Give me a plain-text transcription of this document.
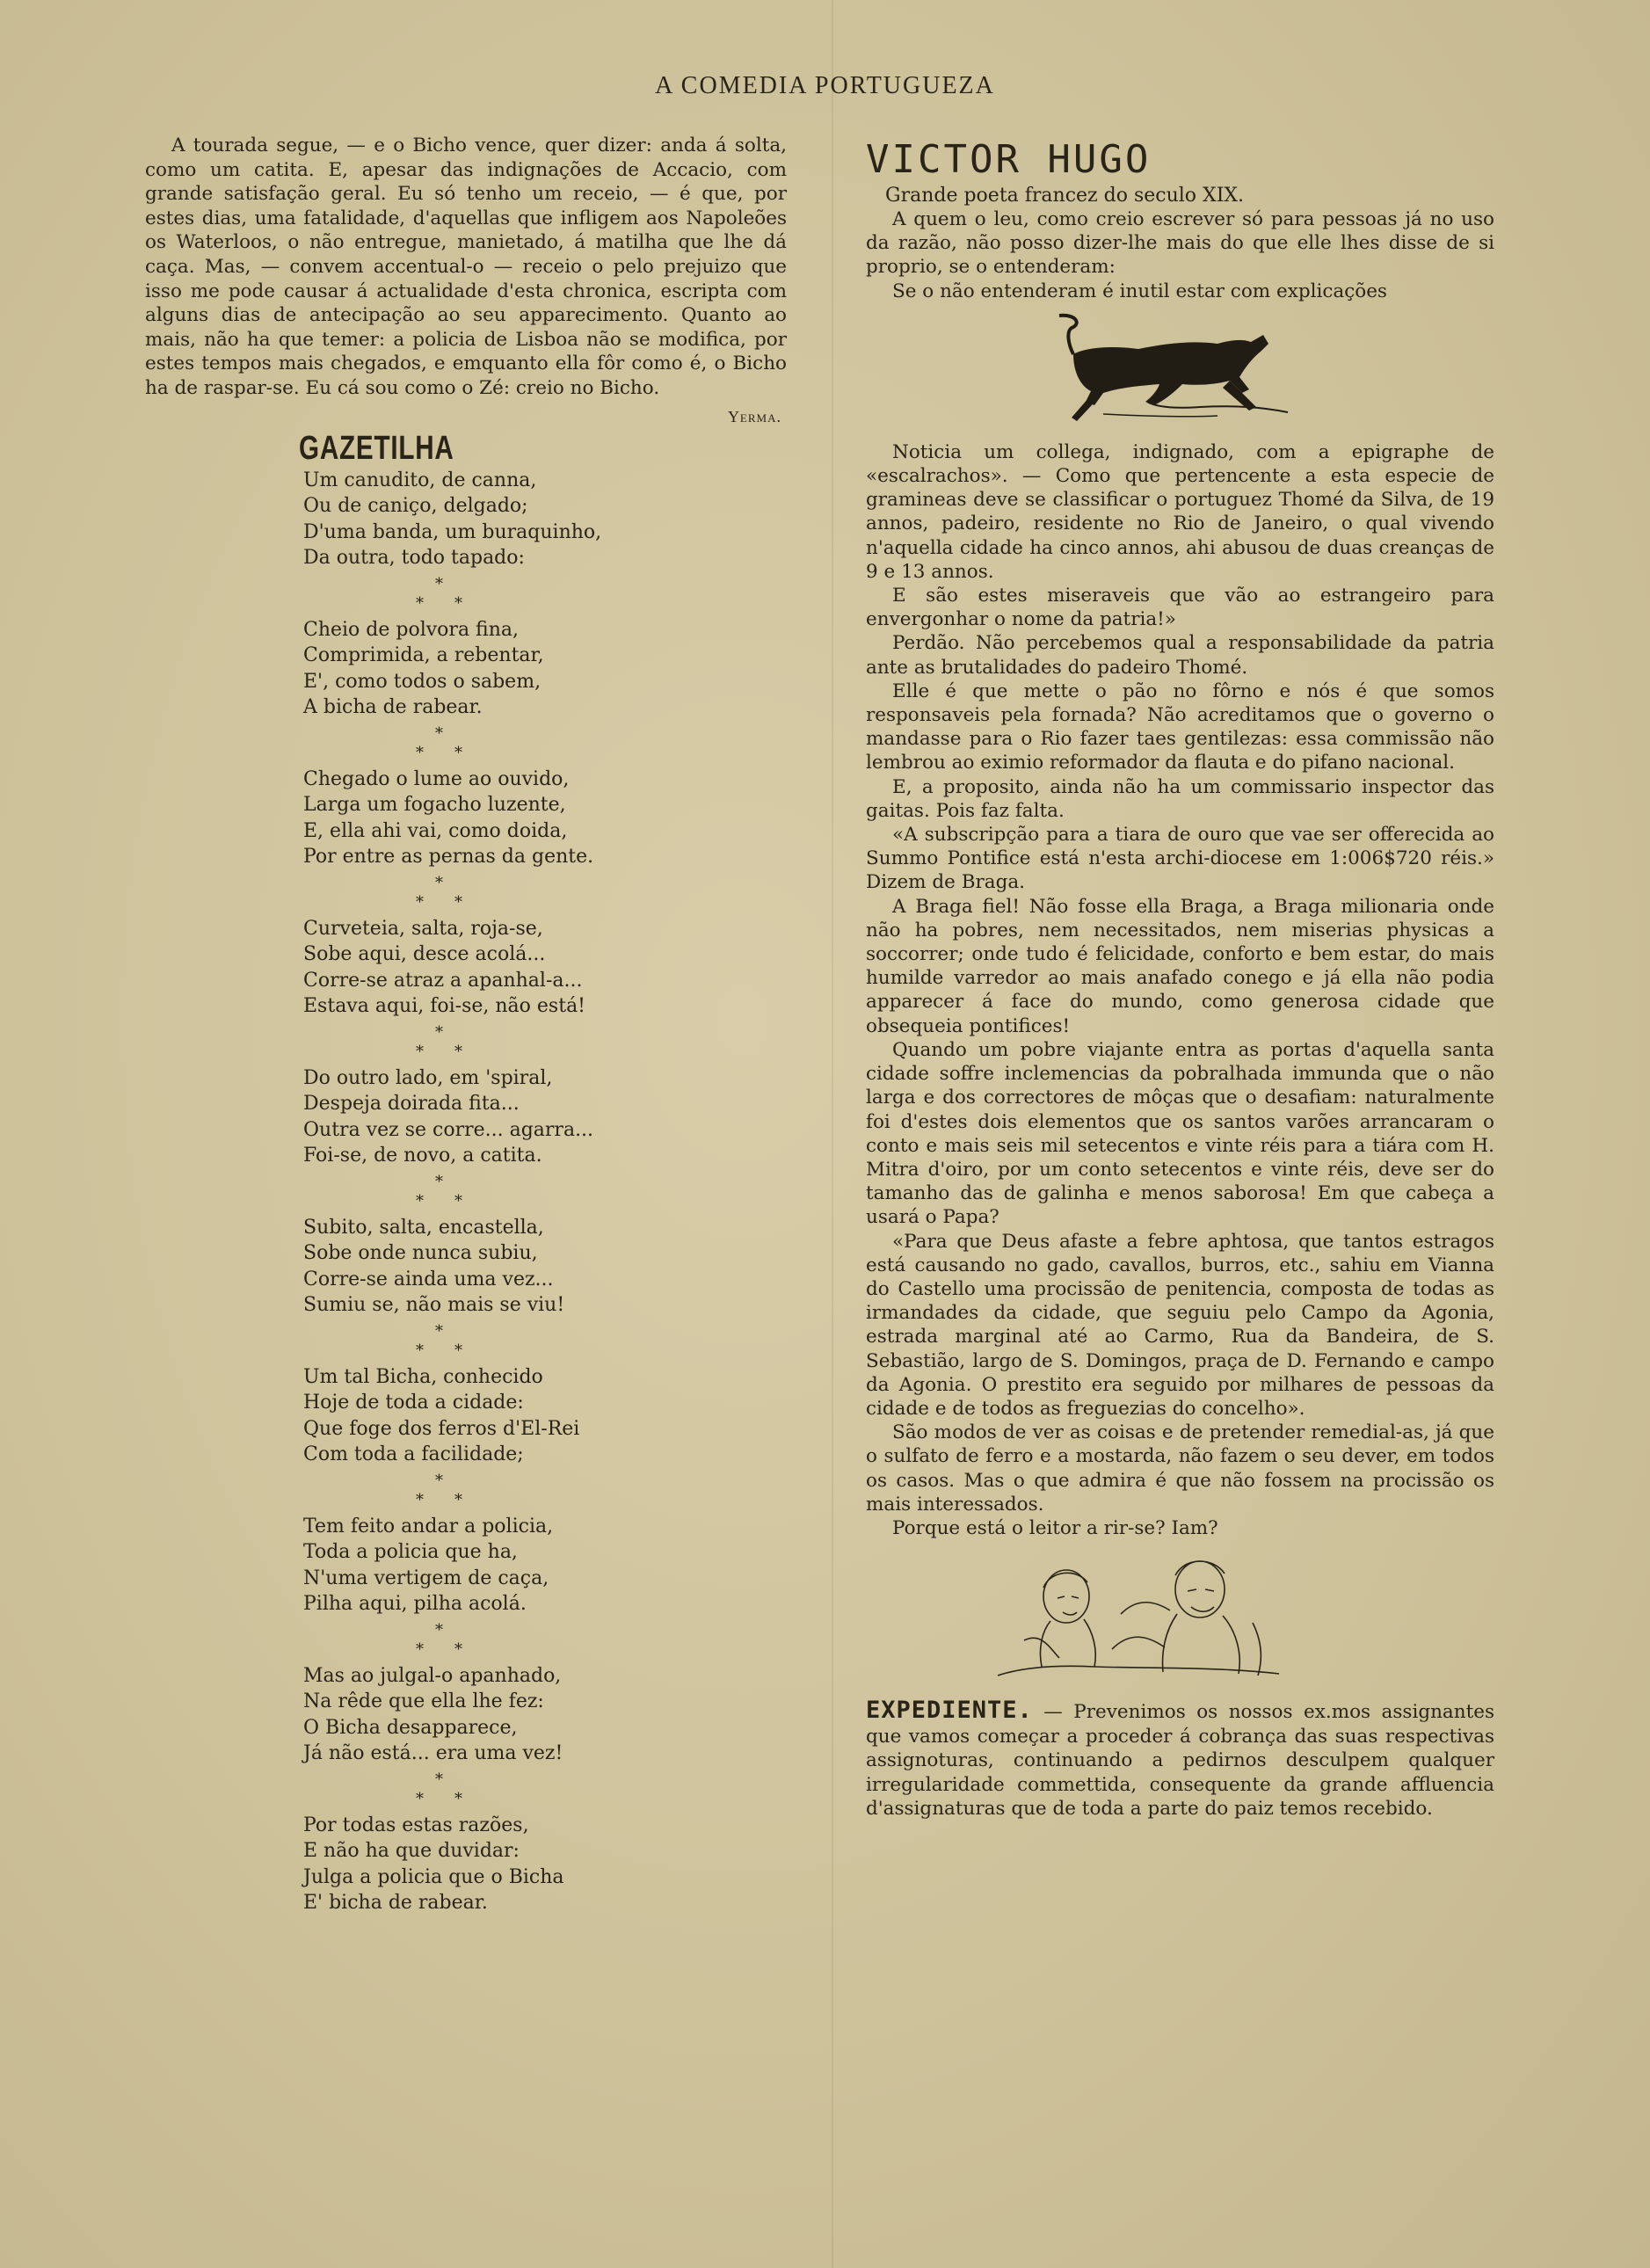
A COMEDIA PORTUGUEZA

A tourada segue, — e o Bicho vence, quer dizer: anda á solta, como um catita. E, apesar das indignações de Accacio, com grande satisfação geral. Eu só tenho um receio, — é que, por estes dias, uma fatalidade, d'aquellas que infligem aos Napoleões os Waterloos, o não entregue, manietado, á matilha que lhe dá caça. Mas, — convem accentual-o — receio o pelo prejuizo que isso me pode causar á actualidade d'esta chronica, escripta com alguns dias de antecipação ao seu apparecimento. Quanto ao mais, não ha que temer: a policia de Lisboa não se modifica, por estes tempos mais chegados, e emquanto ella fôr como é, o Bicho ha de raspar-se. Eu cá sou como o Zé: creio no Bicho.

Yerma.

GAZETILHA
Um canudito, de canna,
Ou de caniço, delgado;
D'uma banda, um buraquinho,
Da outra, todo tapado:
*
* *
Cheio de polvora fina,
Comprimida, a rebentar,
E', como todos o sabem,
A bicha de rabear.
*
* *
Chegado o lume ao ouvido,
Larga um fogacho luzente,
E, ella ahi vai, como doida,
Por entre as pernas da gente.
*
* *
Curveteia, salta, roja-se,
Sobe aqui, desce acolá...
Corre-se atraz a apanhal-a...
Estava aqui, foi-se, não está!
*
* *
Do outro lado, em 'spiral,
Despeja doirada fita...
Outra vez se corre... agarra...
Foi-se, de novo, a catita.
*
* *
Subito, salta, encastella,
Sobe onde nunca subiu,
Corre-se ainda uma vez...
Sumiu se, não mais se viu!
*
* *
Um tal Bicha, conhecido
Hoje de toda a cidade:
Que foge dos ferros d'El-Rei
Com toda a facilidade;
*
* *
Tem feito andar a policia,
Toda a policia que ha,
N'uma vertigem de caça,
Pilha aqui, pilha acolá.
*
* *
Mas ao julgal-o apanhado,
Na rêde que ella lhe fez:
O Bicha desapparece,
Já não está... era uma vez!
*
* *
Por todas estas razões,
E não ha que duvidar:
Julga a policia que o Bicha
E' bicha de rabear.
VICTOR HUGO

Grande poeta francez do seculo XIX.

A quem o leu, como creio escrever só para pessoas já no uso da razão, não posso dizer-lhe mais do que elle lhes disse de si proprio, se o entenderam:

Se o não entenderam é inutil estar com explicações

Noticia um collega, indignado, com a epigraphe de «escalrachos». — Como que pertencente a esta especie de gramineas deve se classificar o portuguez Thomé da Silva, de 19 annos, padeiro, residente no Rio de Janeiro, o qual vivendo n'aquella cidade ha cinco annos, ahi abusou de duas creanças de 9 e 13 annos.

E são estes miseraveis que vão ao estrangeiro para envergonhar o nome da patria!»

Perdão. Não percebemos qual a responsabilidade da patria ante as brutalidades do padeiro Thomé.

Elle é que mette o pão no fôrno e nós é que somos responsaveis pela fornada? Não acreditamos que o governo o mandasse para o Rio fazer taes gentilezas: essa commissão não lembrou ao eximio reformador da flauta e do pifano nacional.

E, a proposito, ainda não ha um commissario inspector das gaitas. Pois faz falta.

«A subscripção para a tiara de ouro que vae ser offerecida ao Summo Pontifice está n'esta archi-diocese em 1:006$720 réis.» Dizem de Braga.

A Braga fiel! Não fosse ella Braga, a Braga milionaria onde não ha pobres, nem necessitados, nem miserias physicas a soccorrer; onde tudo é felicidade, conforto e bem estar, do mais humilde varredor ao mais anafado conego e já ella não podia apparecer á face do mundo, como generosa cidade que obsequeia pontifices!

Quando um pobre viajante entra as portas d'aquella santa cidade soffre inclemencias da pobralhada immunda que o não larga e dos correctores de môças que o desafiam: naturalmente foi d'estes dois elementos que os santos varões arrancaram o conto e mais seis mil setecentos e vinte réis para a tiára com H. Mitra d'oiro, por um conto setecentos e vinte réis, deve ser do tamanho das de galinha e menos saborosa! Em que cabeça a usará o Papa?

«Para que Deus afaste a febre aphtosa, que tantos estragos está causando no gado, cavallos, burros, etc., sahiu em Vianna do Castello uma procissão de penitencia, composta de todas as irmandades da cidade, que seguiu pelo Campo da Agonia, estrada marginal até ao Carmo, Rua da Bandeira, de S. Sebastião, largo de S. Domingos, praça de D. Fernando e campo da Agonia. O prestito era seguido por milhares de pessoas da cidade e de todos as freguezias do concelho».

São modos de ver as coisas e de pretender remedial-as, já que o sulfato de ferro e a mostarda, não fazem o seu dever, em todos os casos. Mas o que admira é que não fossem na procissão os mais interessados.

Porque está o leitor a rir-se? Iam?

EXPEDIENTE. — Prevenimos os nossos ex.mos assignantes que vamos começar a proceder á cobrança das suas respectivas assignoturas, continuando a pedirnos desculpem qualquer irregularidade commettida, consequente da grande affluencia d'assignaturas que de toda a parte do paiz temos recebido.
